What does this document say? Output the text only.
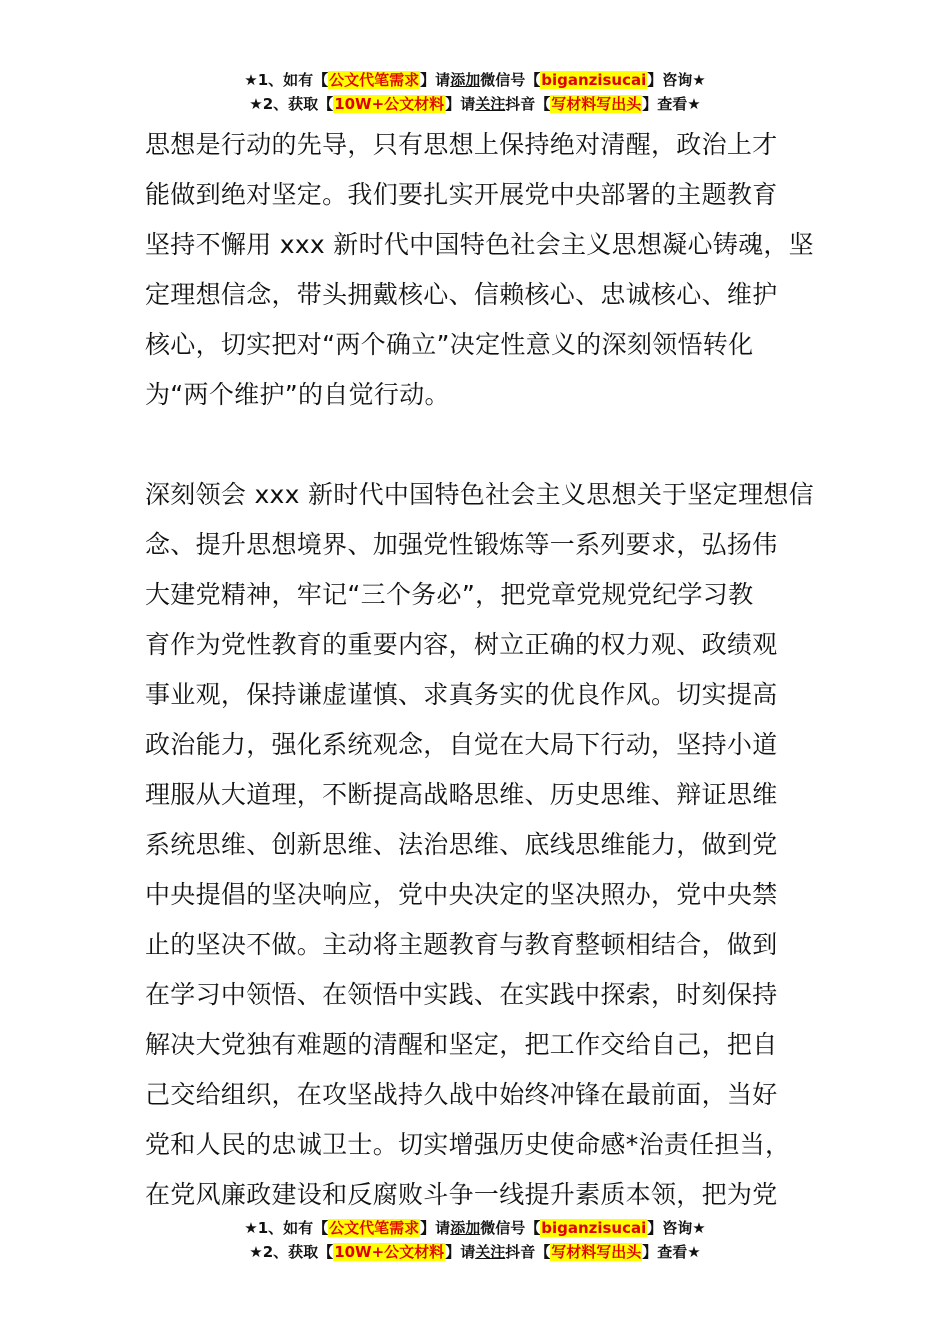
★1、如有【公文代笔需求】请添加微信号【biganzisucai】咨询★
★2、获取【10W+公文材料】请关注抖音【写材料写出头】查看★
思想是行动的先导，只有思想上保持绝对清醒，政治上才
能做到绝对坚定。我们要扎实开展党中央部署的主题教育
坚持不懈用 xxx 新时代中国特色社会主义思想凝心铸魂，坚
定理想信念，带头拥戴核心、信赖核心、忠诚核心、维护
核心，切实把对“两个确立”决定性意义的深刻领悟转化
为“两个维护”的自觉行动。
深刻领会 xxx 新时代中国特色社会主义思想关于坚定理想信
念、提升思想境界、加强党性锻炼等一系列要求，弘扬伟
大建党精神，牢记“三个务必”，把党章党规党纪学习教
育作为党性教育的重要内容，树立正确的权力观、政绩观
事业观，保持谦虚谨慎、求真务实的优良作风。切实提高
政治能力，强化系统观念，自觉在大局下行动，坚持小道
理服从大道理，不断提高战略思维、历史思维、辩证思维
系统思维、创新思维、法治思维、底线思维能力，做到党
中央提倡的坚决响应，党中央决定的坚决照办，党中央禁
止的坚决不做。主动将主题教育与教育整顿相结合，做到
在学习中领悟、在领悟中实践、在实践中探索，时刻保持
解决大党独有难题的清醒和坚定，把工作交给自己，把自
己交给组织，在攻坚战持久战中始终冲锋在最前面，当好
党和人民的忠诚卫士。切实增强历史使命感*治责任担当，
在党风廉政建设和反腐败斗争一线提升素质本领，把为党
★1、如有【公文代笔需求】请添加微信号【biganzisucai】咨询★
★2、获取【10W+公文材料】请关注抖音【写材料写出头】查看★
